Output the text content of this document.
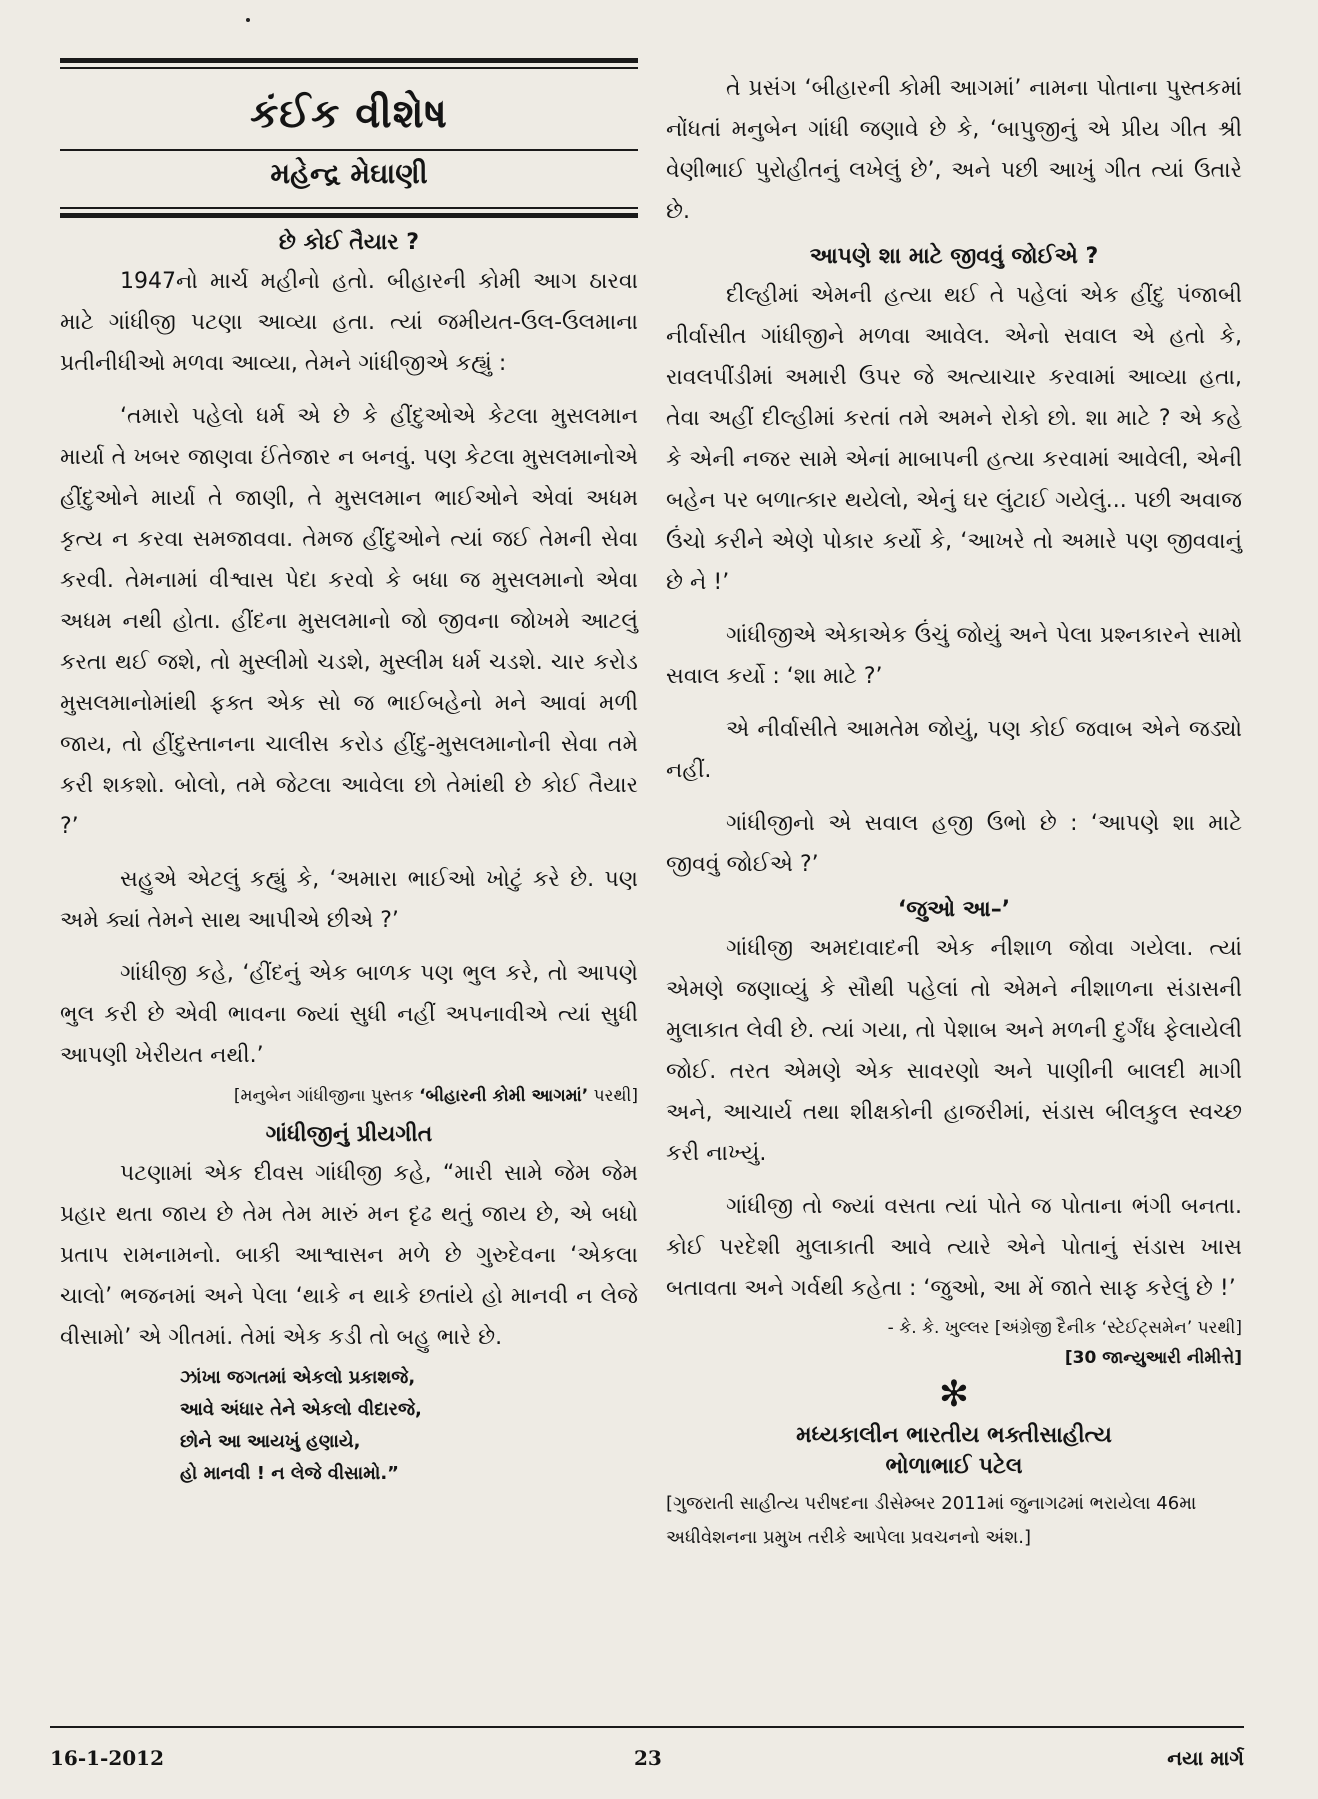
કંઈક વીશેષ
મહેન્દ્ર મેઘાણી
છે કોઈ તૈયાર ?

1947નો માર્ચ મહીનો હતો. બીહારની કોમી આગ ઠારવા માટે ગાંધીજી પટણા આવ્યા હતા. ત્યાં જમીયત-ઉલ-ઉલમાના પ્રતીનીધીઓ મળવા આવ્યા, તેમને ગાંધીજીએ કહ્યું :

‘તમારો પહેલો ધર્મ એ છે કે હીંદુઓએ કેટલા મુસલમાન માર્યા તે ખબર જાણવા ઈંતેજાર ન બનવું. પણ કેટલા મુસલમાનોએ હીંદુઓને માર્યા તે જાણી, તે મુસલમાન ભાઈઓને એવાં અધમ કૃત્ય ન કરવા સમજાવવા. તેમજ હીંદુઓને ત્યાં જઈ તેમની સેવા કરવી. તેમનામાં વીશ્વાસ પેદા કરવો કે બધા જ મુસલમાનો એવા અધમ નથી હોતા. હીંદના મુસલમાનો જો જીવના જોખમે આટલું કરતા થઈ જશે, તો મુસ્લીમો ચડશે, મુસ્લીમ ધર્મ ચડશે. ચાર કરોડ મુસલમાનોમાંથી ફક્ત એક સો જ ભાઈબહેનો મને આવાં મળી જાય, તો હીંદુસ્તાનના ચાલીસ કરોડ હીંદુ-મુસલમાનોની સેવા તમે કરી શકશો. બોલો, તમે જેટલા આવેલા છો તેમાંથી છે કોઈ તૈયાર ?’

સહુએ એટલું કહ્યું કે, ‘અમારા ભાઈઓ ખોટું કરે છે. પણ અમે ક્યાં તેમને સાથ આપીએ છીએ ?’

ગાંધીજી કહે, ‘હીંદનું એક બાળક પણ ભુલ કરે, તો આપણે ભુલ કરી છે એવી ભાવના જ્યાં સુધી નહીં અપનાવીએ ત્યાં સુધી આપણી ખેરીયત નથી.’

[મનુબેન ગાંધીજીના પુસ્તક ‘બીહારની કોમી આગમાં’ પરથી]
ગાંધીજીનું પ્રીયગીત

પટણામાં એક દીવસ ગાંધીજી કહે, “મારી સામે જેમ જેમ પ્રહાર થતા જાય છે તેમ તેમ મારું મન દૃઢ થતું જાય છે, એ બધો પ્રતાપ રામનામનો. બાકી આશ્વાસન મળે છે ગુરુદેવના ‘એકલા ચાલો’ ભજનમાં અને પેલા ‘થાકે ન થાકે છતાંયે હો માનવી ન લેજે વીસામો’ એ ગીતમાં. તેમાં એક કડી તો બહુ ભારે છે.

ઝાંખા જગતમાં એકલો પ્રકાશજે,
આવે અંધાર તેને એકલો વીદારજે,
છોને આ આયખું હણાયે,
હો માનવી ! ન લેજે વીસામો.”

તે પ્રસંગ ‘બીહારની કોમી આગમાં’ નામના પોતાના પુસ્તકમાં નોંધતાં મનુબેન ગાંધી જણાવે છે કે, ‘બાપુજીનું એ પ્રીય ગીત શ્રી વેણીભાઈ પુરોહીતનું લખેલું છે’, અને પછી આખું ગીત ત્યાં ઉતારે છે.

આપણે શા માટે જીવવું જોઈએ ?

દીલ્હીમાં એમની હત્યા થઈ તે પહેલાં એક હીંદુ પંજાબી નીર્વાસીત ગાંધીજીને મળવા આવેલ. એનો સવાલ એ હતો કે, રાવલપીંડીમાં અમારી ઉપર જે અત્યાચાર કરવામાં આવ્યા હતા, તેવા અહીં દીલ્હીમાં કરતાં તમે અમને રોકો છો. શા માટે ? એ કહે કે એની નજર સામે એનાં માબાપની હત્યા કરવામાં આવેલી, એની બહેન પર બળાત્કાર થયેલો, એનું ઘર લુંટાઈ ગયેલું... પછી અવાજ ઉંચો કરીને એણે પોકાર કર્યો કે, ‘આખરે તો અમારે પણ જીવવાનું છે ને !’

ગાંધીજીએ એકાએક ઉંચું જોયું અને પેલા પ્રશ્નકારને સામો સવાલ કર્યો : ‘શા માટે ?’

એ નીર્વાસીતે આમતેમ જોયું, પણ કોઈ જવાબ એને જડ્યો નહીં.

ગાંધીજીનો એ સવાલ હજી ઉભો છે : ‘આપણે શા માટે જીવવું જોઈએ ?’

‘જુઓ આ–’

ગાંધીજી અમદાવાદની એક નીશાળ જોવા ગયેલા. ત્યાં એમણે જણાવ્યું કે સૌથી પહેલાં તો એમને નીશાળના સંડાસની મુલાકાત લેવી છે. ત્યાં ગયા, તો પેશાબ અને મળની દુર્ગંધ ફેલાયેલી જોઈ. તરત એમણે એક સાવરણો અને પાણીની બાલદી માગી અને, આચાર્ય તથા શીક્ષકોની હાજરીમાં, સંડાસ બીલકુલ સ્વચ્છ કરી નાખ્યું.

ગાંધીજી તો જ્યાં વસતા ત્યાં પોતે જ પોતાના ભંગી બનતા. કોઈ પરદેશી મુલાકાતી આવે ત્યારે એને પોતાનું સંડાસ ખાસ બતાવતા અને ગર્વથી કહેતા : ‘જુઓ, આ મેં જાતે સાફ કરેલું છે !’

- કે. કે. ખુલ્લર [અંગ્રેજી દૈનીક ‘સ્ટેઈટ્સમેન’ પરથી]
[30 જાન્યુઆરી નીમીત્તે]
✻
મધ્યકાલીન ભારતીય ભક્તીસાહીત્ય
ભોળાભાઈ પટેલ
[ગુજરાતી સાહીત્ય પરીષદના ડીસેમ્બર 2011માં જુનાગઢમાં ભરાયેલા 46મા અધીવેશનના પ્રમુખ તરીકે આપેલા પ્રવચનનો અંશ.]
16-1-2012	23	નયા માર્ગ
